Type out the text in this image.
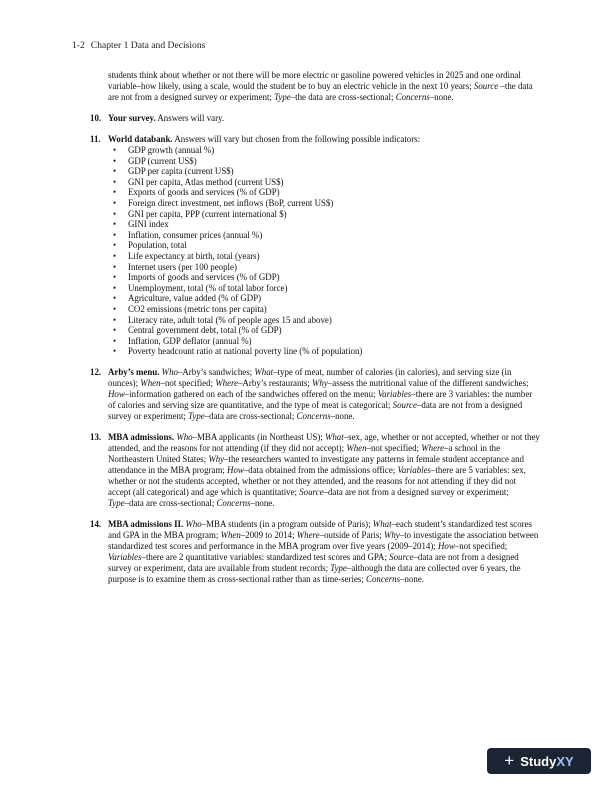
1-2 Chapter 1 Data and Decisions

students think about whether or not there will be more electric or gasoline powered vehicles in 2025 and one ordinal variable–how likely, using a scale, would the student be to buy an electric vehicle in the next 10 years; Source –the data are not from a designed survey or experiment; Type–the data are cross-sectional; Concerns–none.

10. Your survey. Answers will vary.

11. World databank. Answers will vary but chosen from the following possible indicators:

• GDP growth (annual %)
• GDP (current US$)
• GDP per capita (current US$)
• GNI per capita, Atlas method (current US$)
• Exports of goods and services (% of GDP)
• Foreign direct investment, net inflows (BoP, current US$)
• GNI per capita, PPP (current international $)
• GINI index
• Inflation, consumer prices (annual %)
• Population, total
• Life expectancy at birth, total (years)
• Internet users (per 100 people)
• Imports of goods and services (% of GDP)
• Unemployment, total (% of total labor force)
• Agriculture, value added (% of GDP)
• CO2 emissions (metric tons per capita)
• Literacy rate, adult total (% of people ages 15 and above)
• Central government debt, total (% of GDP)
• Inflation, GDP deflator (annual %)
• Poverty headcount ratio at national poverty line (% of population)
12. Arby’s menu. Who–Arby’s sandwiches; What–type of meat, number of calories (in calories), and serving size (in ounces); When–not specified; Where–Arby’s restaurants; Why–assess the nutritional value of the different sandwiches; How–information gathered on each of the sandwiches offered on the menu; Variables–there are 3 variables: the number of calories and serving size are quantitative, and the type of meat is categorical; Source–data are not from a designed survey or experiment; Type–data are cross-sectional; Concerns–none.

13. MBA admissions. Who–MBA applicants (in Northeast US); What–sex, age, whether or not accepted, whether or not they attended, and the reasons for not attending (if they did not accept); When–not specified; Where–a school in the Northeastern United States; Why–the researchers wanted to investigate any patterns in female student acceptance and attendance in the MBA program; How–data obtained from the admissions office; Variables–there are 5 variables: sex, whether or not the students accepted, whether or not they attended, and the reasons for not attending if they did not accept (all categorical) and age which is quantitative; Source–data are not from a designed survey or experiment;      Type–data are cross-sectional; Concerns–none.

14. MBA admissions II. Who–MBA students (in a program outside of Paris); What–each student’s standardized test scores and GPA in the MBA program; When–2009 to 2014; Where–outside of Paris; Why–to investigate the association between standardized test scores and performance in the MBA program over five years (2009–2014); How–not specified; Variables–there are 2 quantitative variables: standardized test scores and GPA; Source–data are not from a designed survey or experiment, data are available from student records; Type–although the data are collected over 6 years, the purpose is to examine them as cross-sectional rather than as time-series; Concerns–none.

+ Study XY
